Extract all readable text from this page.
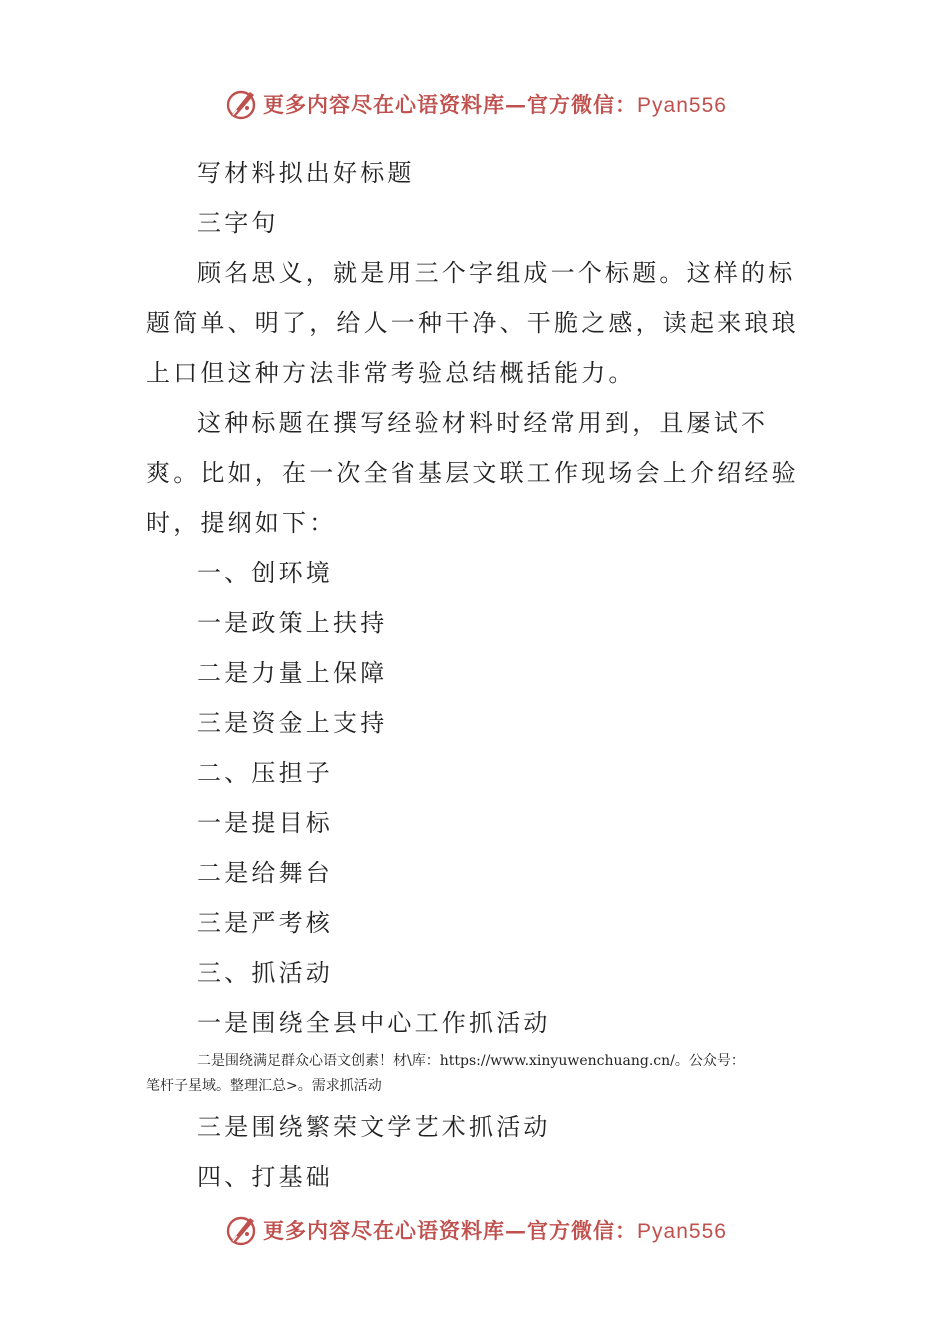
更多内容尽在心语资料库—官方微信：Pyan556

写材料拟出好标题

三字句

顾名思义，就是用三个字组成一个标题。这样的标题简单、明了，给人一种干净、干脆之感，读起来琅琅上口但这种方法非常考验总结概括能力。

这种标题在撰写经验材料时经常用到，且屡试不爽。比如，在一次全省基层文联工作现场会上介绍经验时，提纲如下：

一、创环境

一是政策上扶持

二是力量上保障

三是资金上支持

二、压担子

一是提目标

二是给舞台

三是严考核

三、抓活动

一是围绕全县中心工作抓活动

二是围绕满足群众心语文创素！材\库：https://www.xinyuwenchuang.cn/。公众号：

笔杆子星域。整理汇总>。需求抓活动

三是围绕繁荣文学艺术抓活动

四、打基础

更多内容尽在心语资料库—官方微信：Pyan556
